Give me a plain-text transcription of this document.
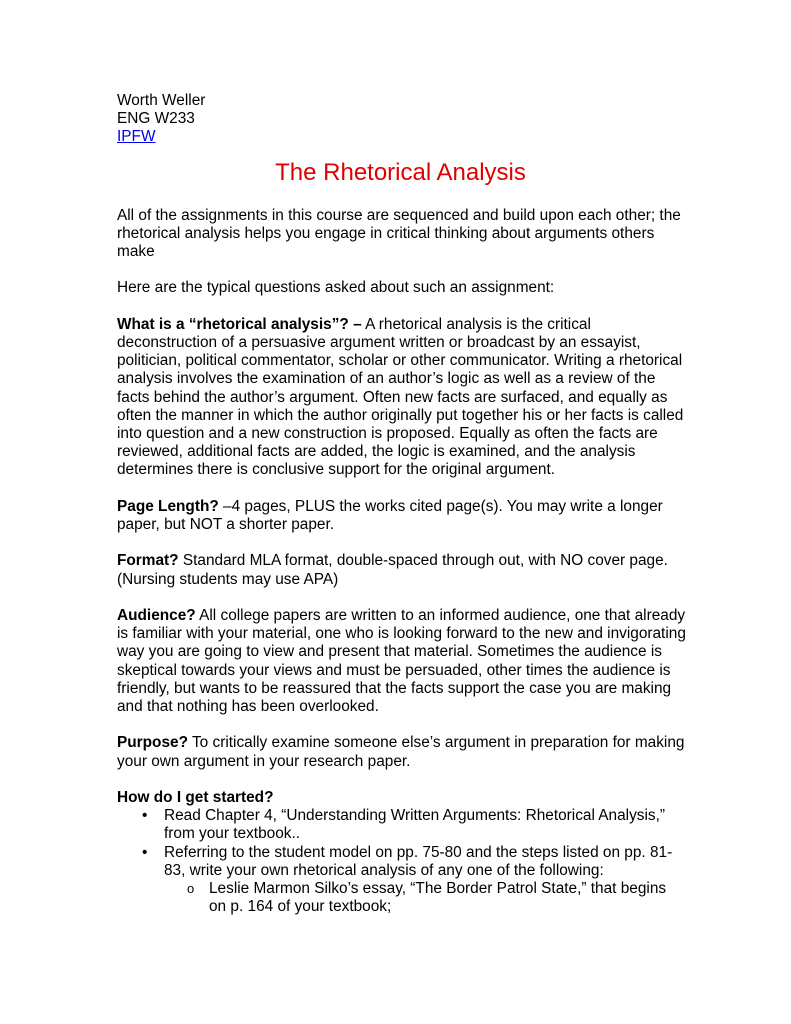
Worth Weller

ENG W233

IPFW

The Rhetorical Analysis

All of the assignments in this course are sequenced and build upon each other; the rhetorical analysis helps you engage in critical thinking about arguments others make

Here are the typical questions asked about such an assignment:

What is a “rhetorical analysis”? – A rhetorical analysis is the critical deconstruction of a persuasive argument written or broadcast by an essayist, politician, political commentator, scholar or other communicator. Writing a rhetorical analysis involves the examination of an author’s logic as well as a review of the facts behind the author’s argument. Often new facts are surfaced, and equally as often the manner in which the author originally put together his or her facts is called into question and a new construction is proposed. Equally as often the facts are reviewed, additional facts are added, the logic is examined, and the analysis determines there is conclusive support for the original argument.

Page Length? –4 pages, PLUS the works cited page(s). You may write a longer paper, but NOT a shorter paper.

Format? Standard MLA format, double-spaced through out, with NO cover page. (Nursing students may use APA)

Audience? All college papers are written to an informed audience, one that already is familiar with your material, one who is looking forward to the new and invigorating way you are going to view and present that material. Sometimes the audience is skeptical towards your views and must be persuaded, other times the audience is friendly, but wants to be reassured that the facts support the case you are making and that nothing has been overlooked.

Purpose? To critically examine someone else’s argument in preparation for making your own argument in your research paper.

How do I get started?

• Read Chapter 4, “Understanding Written Arguments: Rhetorical Analysis,” from your textbook..
• Referring to the student model on pp. 75-80 and the steps listed on pp. 81-83, write your own rhetorical analysis of any one of the following:
o Leslie Marmon Silko’s essay, “The Border Patrol State,” that begins on p. 164 of your textbook;
